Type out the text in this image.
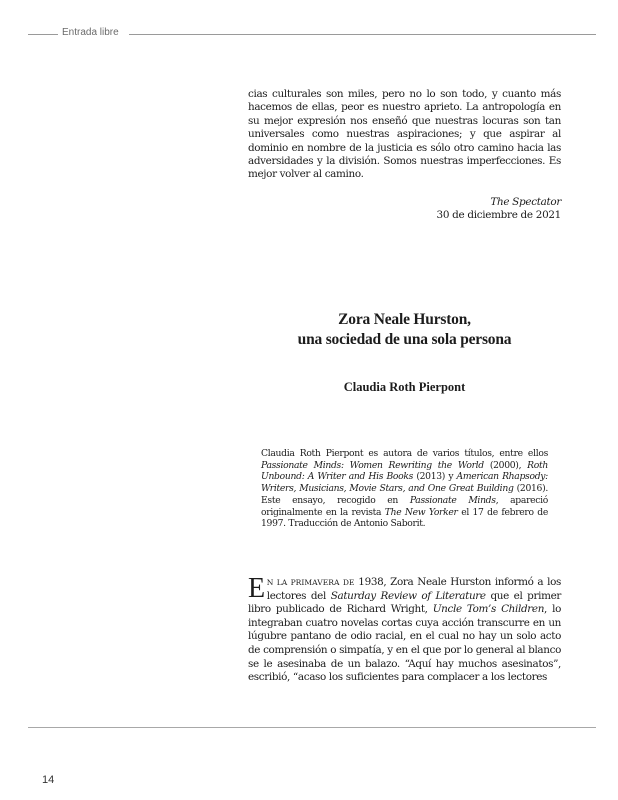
Entrada libre

cias culturales son miles, pero no lo son todo, y cuanto más hacemos de ellas, peor es nuestro aprieto. La antropología en su mejor expresión nos enseñó que nuestras locuras son tan universales como nuestras aspiraciones; y que aspirar al dominio en nombre de la justicia es sólo otro camino hacia las adversidades y la división. Somos nuestras imperfecciones. Es mejor volver al camino.

The Spectator
30 de diciembre de 2021
Zora Neale Hurston,
una sociedad de una sola persona
Claudia Roth Pierpont

Claudia Roth Pierpont es autora de varios títulos, entre ellos Passionate Minds: Women Rewriting the World (2000), Roth Unbound: A Writer and His Books (2013) y American Rhapsody: Writers, Musicians, Movie Stars, and One Great Building (2016). Este ensayo, recogido en Passionate Minds, apareció originalmente en la revista The New Yorker el 17 de febrero de 1997. Traducción de Antonio Saborit.

E N LA PRIMAVERA DE 1938, Zora Neale Hurston informó a los lectores del Saturday Review of Literature que el primer libro publicado de Richard Wright, Uncle Tom’s Children, lo integraban cuatro novelas cortas cuya acción transcurre en un lúgubre pantano de odio racial, en el cual no hay un solo acto de comprensión o simpatía, y en el que por lo general al blanco se le asesinaba de un balazo. “Aquí hay muchos asesinatos”, escribió, “acaso los suficientes para complacer a los lectores

14
